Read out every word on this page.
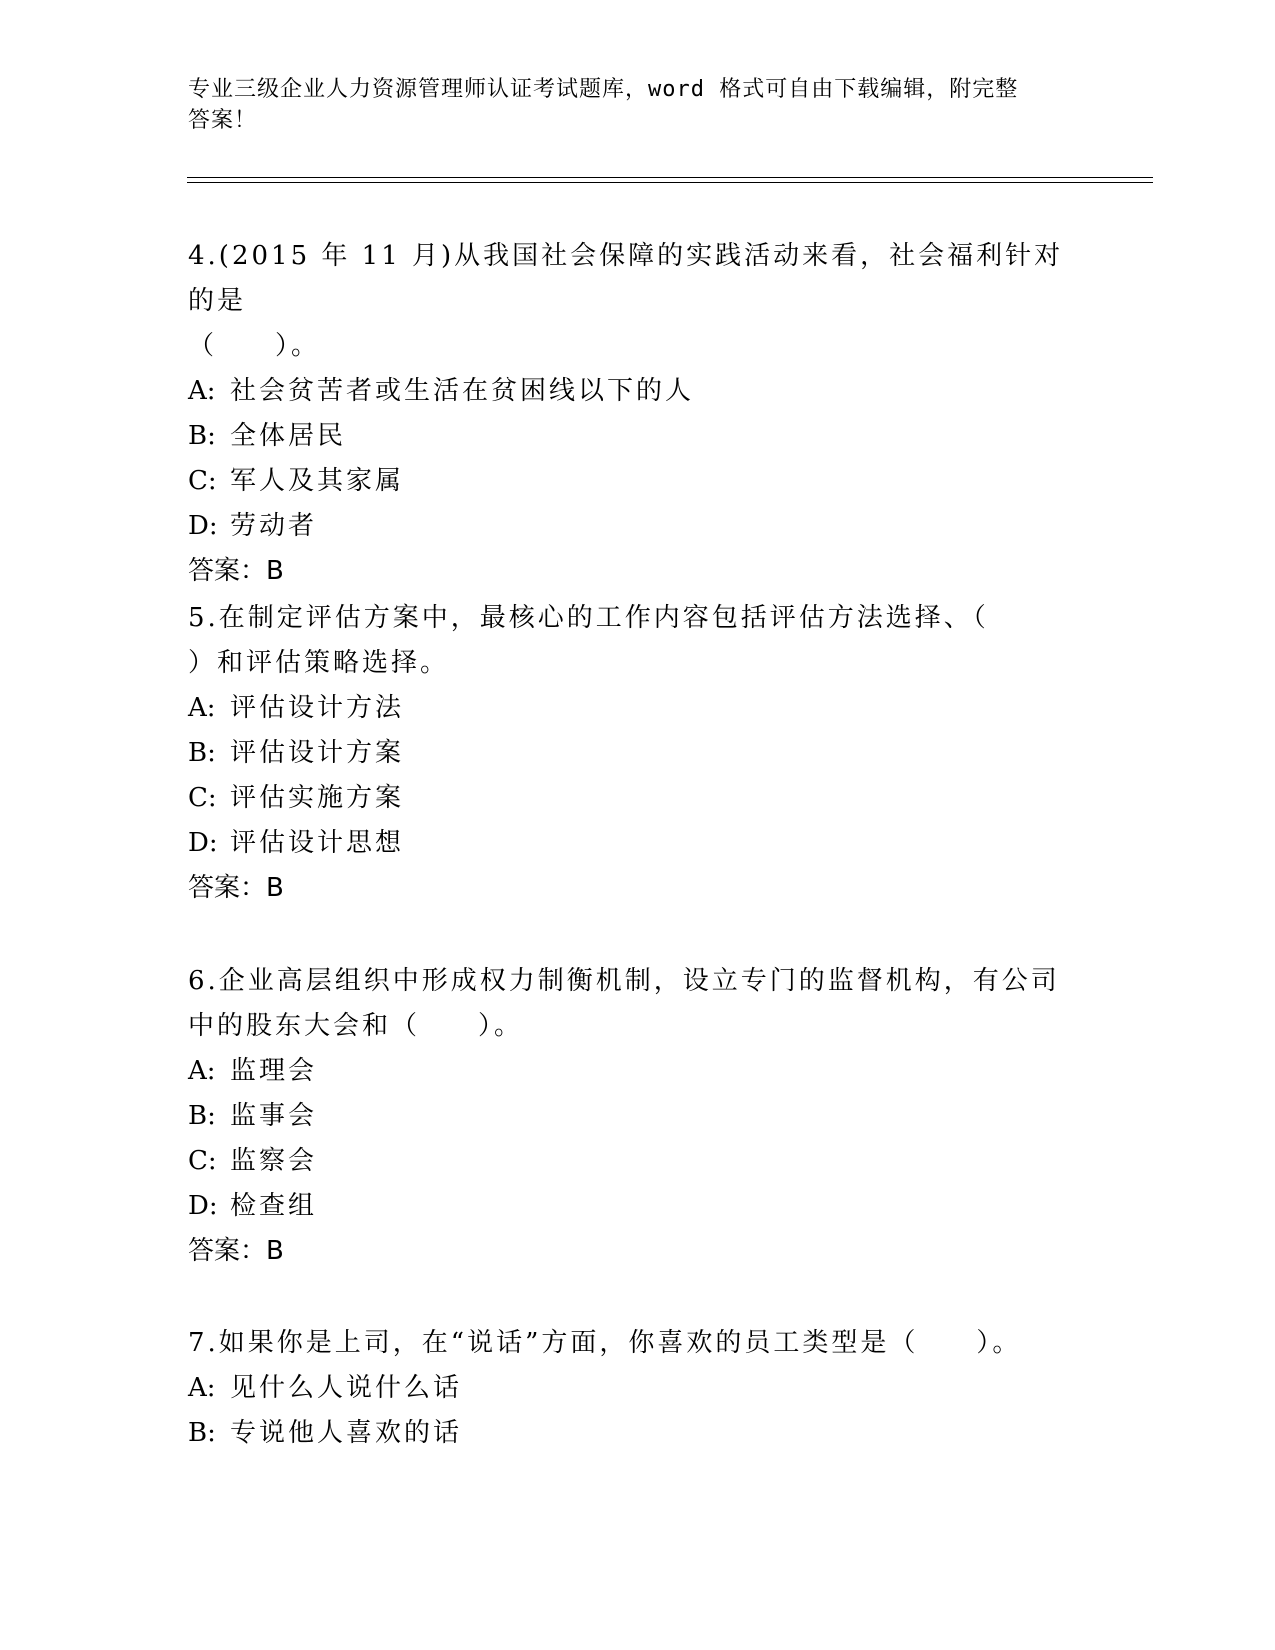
专业三级企业人力资源管理师认证考试题库，word 格式可自由下载编辑，附完整
答案！

4.(2015 年 11 月)从我国社会保障的实践活动来看，社会福利针对的是

（　　）。

A: 社会贫苦者或生活在贫困线以下的人

B: 全体居民

C: 军人及其家属

D: 劳动者

答案：B

5.在制定评估方案中，最核心的工作内容包括评估方法选择、（

）和评估策略选择。

A: 评估设计方法

B: 评估设计方案

C: 评估实施方案

D: 评估设计思想

答案：B

6.企业高层组织中形成权力制衡机制，设立专门的监督机构，有公司

中的股东大会和（　　）。

A: 监理会

B: 监事会

C: 监察会

D: 检查组

答案：B

7.如果你是上司，在“说话”方面，你喜欢的员工类型是（　　）。

A: 见什么人说什么话

B: 专说他人喜欢的话
